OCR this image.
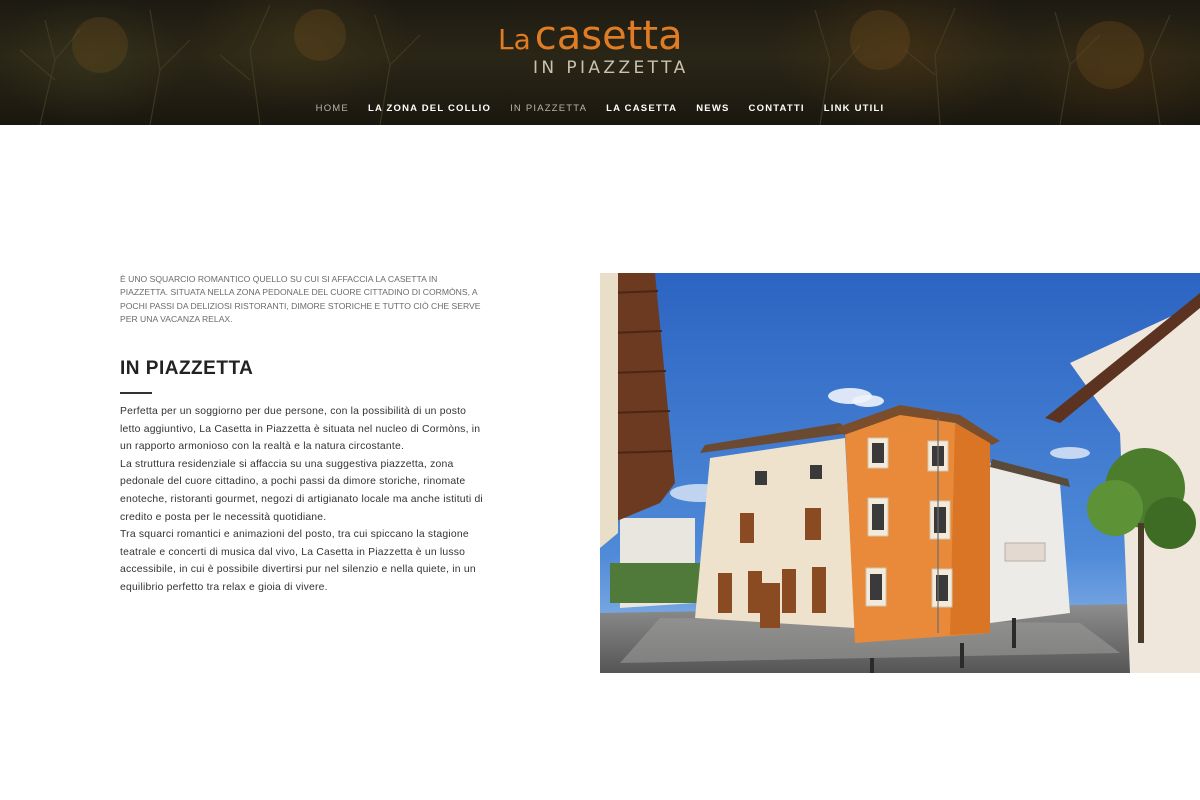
La casetta
IN PIAZZETTA
HOME LA ZONA DEL COLLIO IN PIAZZETTA LA CASETTA NEWS CONTATTI LINK UTILI
È UNO SQUARCIO ROMANTICO QUELLO SU CUI SI AFFACCIA LA CASETTA IN PIAZZETTA. SITUATA NELLA ZONA PEDONALE DEL CUORE CITTADINO DI CORMÒNS, A POCHI PASSI DA DELIZIOSI RISTORANTI, DIMORE STORICHE E TUTTO CIÒ CHE SERVE PER UNA VACANZA RELAX.
IN PIAZZETTA

Perfetta per un soggiorno per due persone, con la possibilità di un posto letto aggiuntivo, La Casetta in Piazzetta è situata nel nucleo di Cormòns, in un rapporto armonioso con la realtà e la natura circostante.

La struttura residenziale si affaccia su una suggestiva piazzetta, zona pedonale del cuore cittadino, a pochi passi da dimore storiche, rinomate enoteche, ristoranti gourmet, negozi di artigianato locale ma anche istituti di credito e posta per le necessità quotidiane.

Tra squarci romantici e animazioni del posto, tra cui spiccano la stagione teatrale e concerti di musica dal vivo, La Casetta in Piazzetta è un lusso accessibile, in cui è possibile divertirsi pur nel silenzio e nella quiete, in un equilibrio perfetto tra relax e gioia di vivere.
